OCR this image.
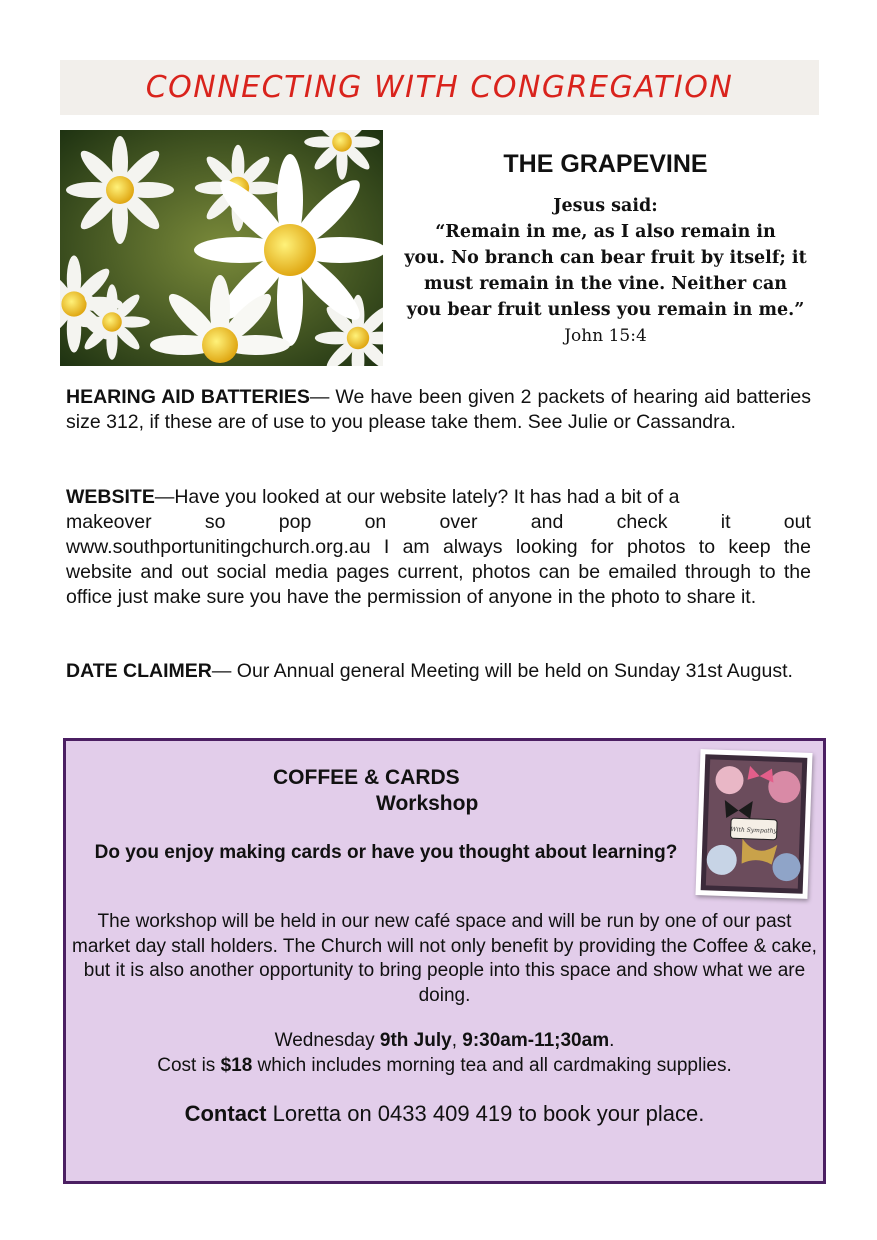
CONNECTING WITH CONGREGATION
THE GRAPEVINE
Jesus said:
“Remain in me, as I also remain in
you. No branch can bear fruit by itself; it
must remain in the vine. Neither can
you bear fruit unless you remain in me.”
John 15:4
HEARING AID BATTERIES— We have been given 2 packets of hearing aid batteries size 312, if these are of use to you please take them. See Julie or Cassandra.
WEBSITE—Have you looked at our website lately? It has had a bit of a
makeover	so	pop	on	over	and	check	it	out
www.southportunitingchurch.org.au I am always looking for photos to keep the website and out social media pages current, photos can be emailed through to the office just make sure you have the permission of anyone in the photo to share it.
DATE CLAIMER— Our Annual general Meeting will be held on Sunday 31st August.
COFFEE & CARDS
Workshop
With Sympathy
Do you enjoy making cards or have you thought about learning?
The workshop will be held in our new café space and will be run by one of our past market day stall holders. The Church will not only benefit by providing the Coffee & cake, but it is also another opportunity to bring people into this space and show what we are doing.
Wednesday 9th July, 9:30am-11;30am.
Cost is $18 which includes morning tea and all cardmaking supplies.
Contact Loretta on 0433 409 419 to book your place.
